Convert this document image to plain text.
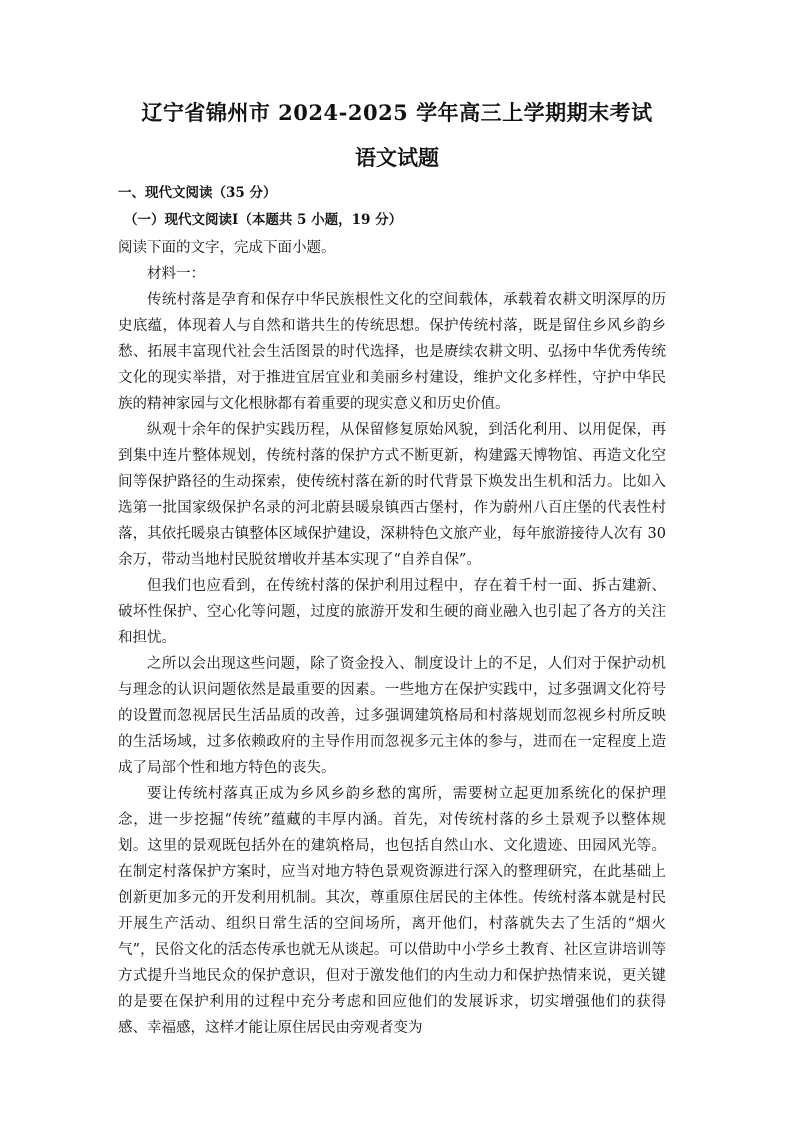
辽宁省锦州市 2024-2025 学年高三上学期期末考试
语文试题
一、现代文阅读（35 分）
（一）现代文阅读Ⅰ（本题共 5 小题，19 分）
阅读下面的文字，完成下面小题。
材料一：

传统村落是孕育和保存中华民族根性文化的空间载体，承载着农耕文明深厚的历史底蕴，体现着人与自然和谐共生的传统思想。保护传统村落，既是留住乡风乡韵乡愁、拓展丰富现代社会生活图景的时代选择，也是赓续农耕文明、弘扬中华优秀传统文化的现实举措，对于推进宜居宜业和美丽乡村建设，维护文化多样性，守护中华民族的精神家园与文化根脉都有着重要的现实意义和历史价值。

纵观十余年的保护实践历程，从保留修复原始风貌，到活化利用、以用促保，再到集中连片整体规划，传统村落的保护方式不断更新，构建露天博物馆、再造文化空间等保护路径的生动探索，使传统村落在新的时代背景下焕发出生机和活力。比如入选第一批国家级保护名录的河北蔚县暖泉镇西古堡村，作为蔚州八百庄堡的代表性村落，其依托暖泉古镇整体区域保护建设，深耕特色文旅产业，每年旅游接待人次有 30余万，带动当地村民脱贫增收并基本实现了“自养自保”。

但我们也应看到，在传统村落的保护利用过程中，存在着千村一面、拆古建新、破坏性保护、空心化等问题，过度的旅游开发和生硬的商业融入也引起了各方的关注和担忧。

之所以会出现这些问题，除了资金投入、制度设计上的不足，人们对于保护动机与理念的认识问题依然是最重要的因素。一些地方在保护实践中，过多强调文化符号的设置而忽视居民生活品质的改善，过多强调建筑格局和村落规划而忽视乡村所反映的生活场域，过多依赖政府的主导作用而忽视多元主体的参与，进而在一定程度上造成了局部个性和地方特色的丧失。

要让传统村落真正成为乡风乡韵乡愁的寓所，需要树立起更加系统化的保护理念，进一步挖掘“传统”蕴藏的丰厚内涵。首先，对传统村落的乡土景观予以整体规划。这里的景观既包括外在的建筑格局，也包括自然山水、文化遗迹、田园风光等。在制定村落保护方案时，应当对地方特色景观资源进行深入的整理研究，在此基础上创新更加多元的开发利用机制。其次，尊重原住居民的主体性。传统村落本就是村民开展生产活动、组织日常生活的空间场所，离开他们，村落就失去了生活的“烟火气”，民俗文化的活态传承也就无从谈起。可以借助中小学乡土教育、社区宣讲培训等方式提升当地民众的保护意识，但对于激发他们的内生动力和保护热情来说，更关键的是要在保护利用的过程中充分考虑和回应他们的发展诉求，切实增强他们的获得感、幸福感，这样才能让原住居民由旁观者变为
